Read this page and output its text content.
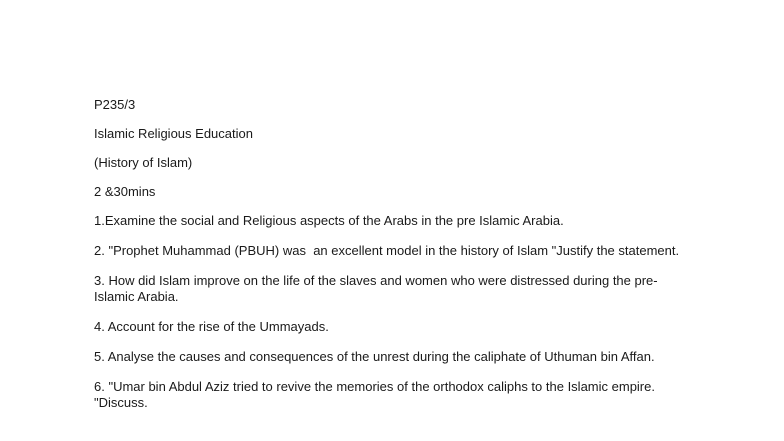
P235/3

Islamic Religious Education

(History of Islam)

2 &30mins

1.Examine the social and Religious aspects of the Arabs in the pre Islamic Arabia.

2. "Prophet Muhammad (PBUH) was  an excellent model in the history of Islam "Justify the statement.

3. How did Islam improve on the life of the slaves and women who were distressed during the pre-Islamic Arabia.

4. Account for the rise of the Ummayads.

5. Analyse the causes and consequences of the unrest during the caliphate of Uthuman bin Affan.

6. "Umar bin Abdul Aziz tried to revive the memories of the orthodox caliphs to the Islamic empire. "Discuss.
